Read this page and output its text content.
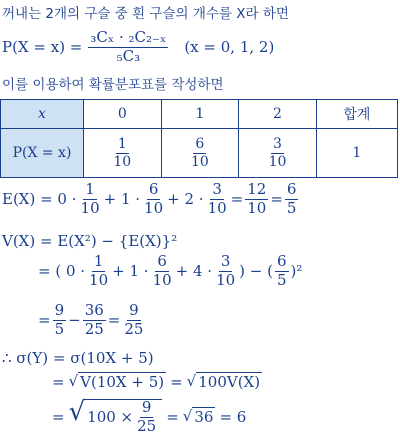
꺼내는 2개의 구슬 중 흰 구슬의 개수를 X라 하면
$P(X = x) = \frac{\text{₃Cₓ · ₂C₂₋ₓ}}{\text{₅C₃}} (x = 0$, 1, 2)
이를 이용하여 확률분포표를 작성하면
x	0	1	2	합계
P(X = x)	$\frac{1}{10}$	$\frac{6}{10}$	$\frac{3}{10}$	1
$E(X) = 0 \cdot \frac{1}{10} + 1 \cdot \frac{6}{10} + 2 \cdot \frac{3}{10} = \frac{12}{10} = \frac{6}{5}$
V(X) = E(X²) − {E(X)}²
= ( $0 \cdot \frac{1}{10} + 1 \cdot \frac{6}{10} + 4 \cdot \frac{3}{10}$ ) − ( $\frac{6}{5} )^2$
= $\frac{9}{5} - \frac{36}{25} = \frac{9}{25}$
∴ σ(Y) = σ(10X + 5)
= √ V(10X + 5) = √ 100V(X)
= √ $100 \times \frac{9}{25}$ = √ 36 = 6
